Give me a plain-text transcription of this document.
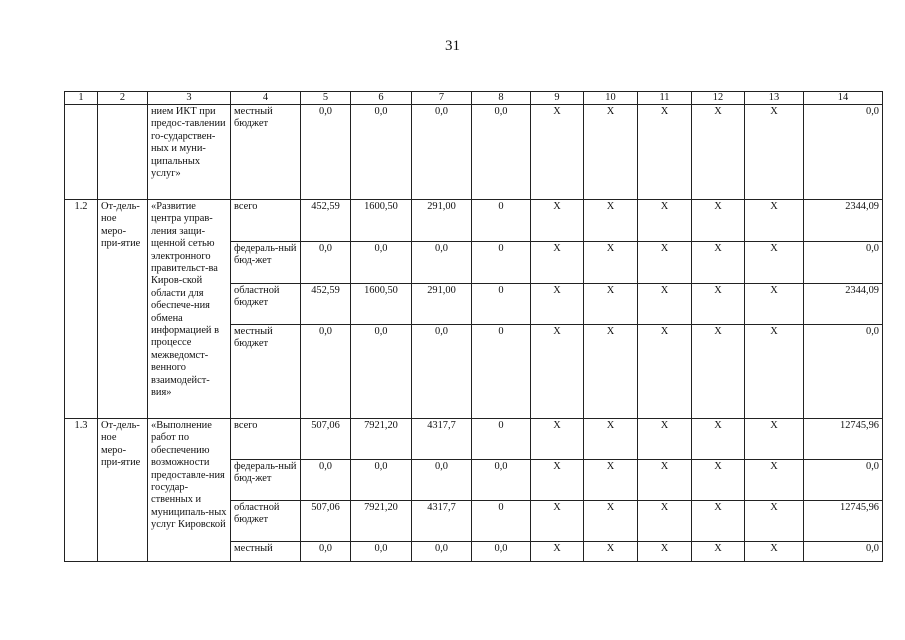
31
1	2	3	4	5	6	7	8	9	10	11	12	13	14
		нием ИКТ при предос-тавлении го-сударствен-ных и муни-ципальных услуг»	местный бюджет	0,0	0,0	0,0	0,0	Х	Х	Х	Х	Х	0,0
1.2	От-дель-ное меро-при-ятие	«Развитие центра управ-ления защи-щенной сетью электронного правительст-ва Киров-ской области для обеспече-ния обмена информацией в процессе межведомст-венного взаимодейст-вия»	всего	452,59	1600,50	291,00	0	Х	Х	Х	Х	Х	2344,09
			федераль-ный бюд-жет	0,0	0,0	0,0	0	Х	Х	Х	Х	Х	0,0
			областной бюджет	452,59	1600,50	291,00	0	Х	Х	Х	Х	Х	2344,09
			местный бюджет	0,0	0,0	0,0	0	Х	Х	Х	Х	Х	0,0
1.3	От-дель-ное меро-при-ятие	«Выполнение работ по обеспечению возможности предоставле-ния государ-ственных и муниципаль-ных услуг Кировской	всего	507,06	7921,20	4317,7	0	Х	Х	Х	Х	Х	12745,96
			федераль-ный бюд-жет	0,0	0,0	0,0	0,0	Х	Х	Х	Х	Х	0,0
			областной бюджет	507,06	7921,20	4317,7	0	Х	Х	Х	Х	Х	12745,96
			местный	0,0	0,0	0,0	0,0	Х	Х	Х	Х	Х	0,0
